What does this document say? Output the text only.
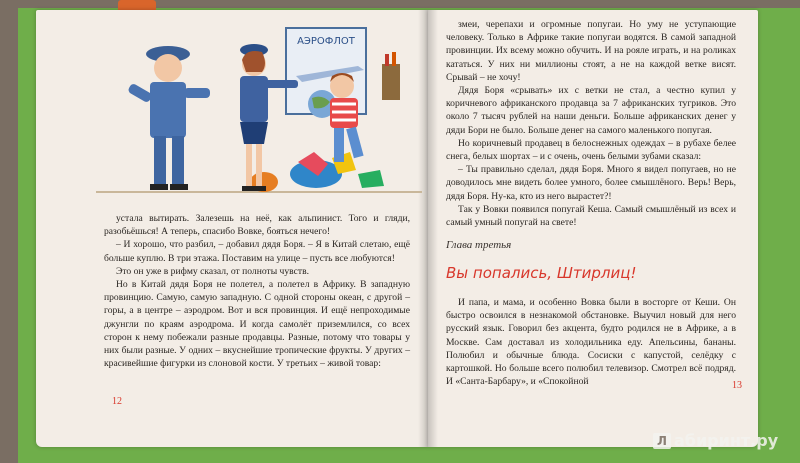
АЭРОФЛОТ

устала вытирать. Залезешь на неё, как альпинист. Того и гляди, разобьёшься! А теперь, спасибо Вовке, бояться нечего!

– И хорошо, что разбил, – добавил дядя Боря. – Я в Китай слетаю, ещё больше куплю. В три этажа. Поставим на улице – пусть все любуются!

Это он уже в рифму сказал, от полноты чувств.

Но в Китай дядя Боря не полетел, а полетел в Африку. В западную провинцию. Самую, самую западную. С одной стороны океан, с другой – горы, а в центре – аэродром. Вот и вся провинция. И ещё непроходимые джунгли по краям аэродрома. И когда самолёт приземлился, со всех сторон к нему побежали разные продавцы. Разные, потому что товары у них были разные. У одних – вкуснейшие тропические фрукты. У других – красивейшие фигурки из слоновой кости. У третьих – живой товар:

12

змеи, черепахи и огромные попугаи. Но уму не уступающие человеку. Только в Африке такие попугаи водятся. В самой западной провинции. Их всему можно обучить. И на рояле играть, и на роликах кататься. У них ни миллионы стоят, а не на каждой ветке висят. Срывай – не хочу!

Дядя Боря «срывать» их с ветки не стал, а честно купил у коричневого африканского продавца за 7 африканских тугриков. Это около 7 тысяч рублей на наши деньги. Больше африканских денег у дяди Бори не было. Больше денег на самого маленького попугая.

Но коричневый продавец в белоснежных одеждах – в рубахе белее снега, белых шортах – и с очень, очень белыми зубами сказал:

– Ты правильно сделал, дядя Боря. Много я видел попугаев, но не доводилось мне видеть более умного, более смышлёного. Верь! Верь, дядя Боря. Ну-ка, кто из него вырастет?!

Так у Вовки появился попугай Кеша. Самый смышлёный из всех и самый умный попугай на свете!

Глава третья
Вы попались, Штирлиц!

И папа, и мама, и особенно Вовка были в восторге от Кеши. Он быстро освоился в незнакомой обстановке. Выучил новый для него русский язык. Говорил без акцента, будто родился не в Африке, а в Москве. Сам доставал из холодильника еду. Апельсины, бананы. Полюбил и обычные блюда. Сосиски с капустой, селёдку с картошкой. Но больше всего полюбил телевизор. Смотрел всё подряд. И «Санта-Барбару», и «Спокойной	13
Л абиринт.ру
